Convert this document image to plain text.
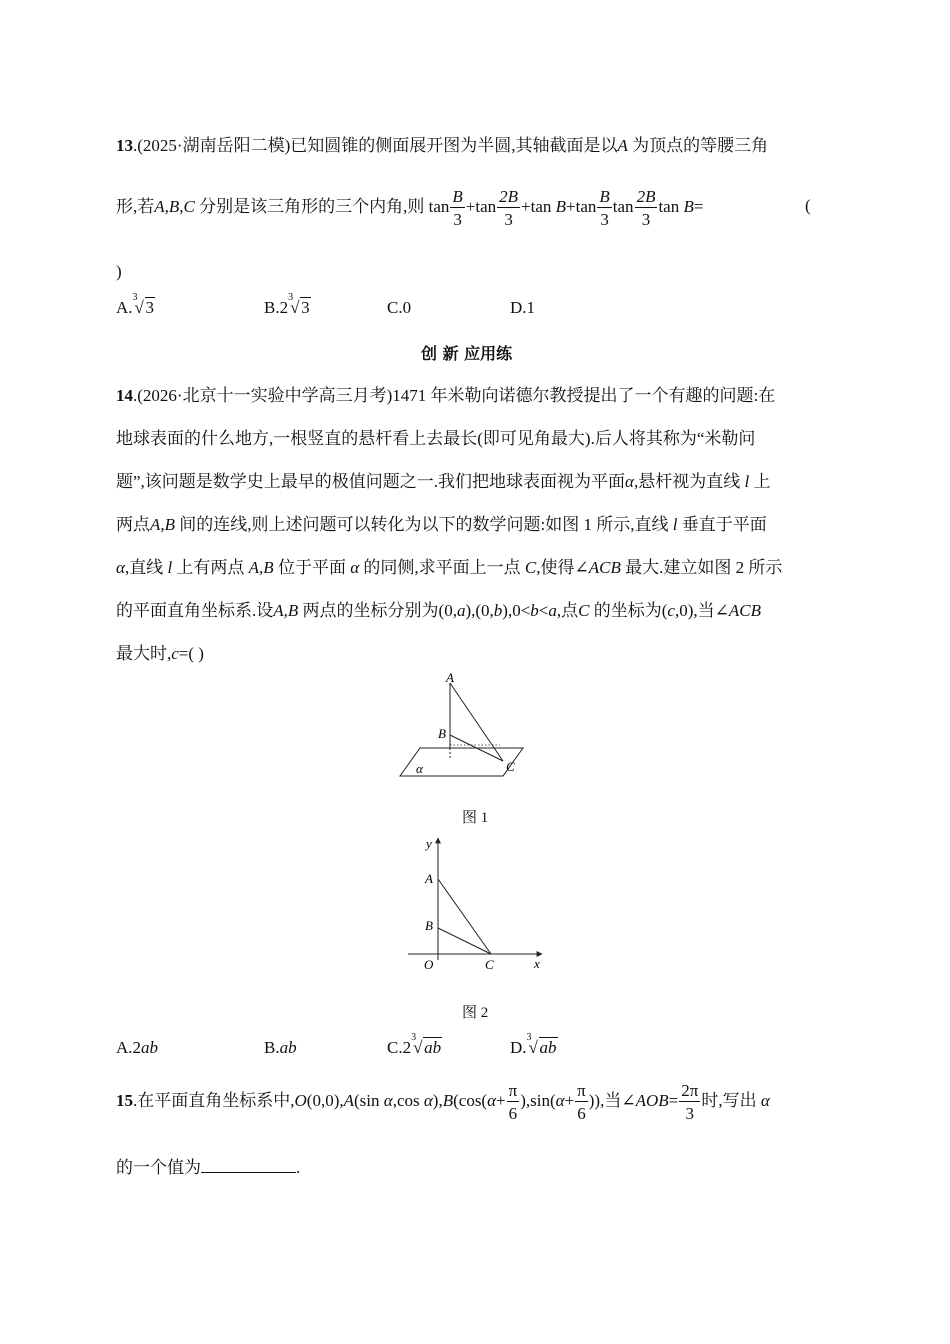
13.(2025·湖南岳阳二模)已知圆锥的侧面展开图为半圆,其轴截面是以A 为顶点的等腰三角
形,若A,B,C 分别是该三角形的三个内角,则 $\tan \frac{B}{3} +\tan \frac{2B}{3} +\tan$ $B+\tan \frac{B}{3}$ $\tan \frac{2B}{3}$ tan B=	(
)
A.
3
√ 3	B.2
3
√ 3	C.0	D.1
创 新 应用练
14.(2026·北京十一实验中学高三月考)1471 年米勒向诺德尔教授提出了一个有趣的问题:在
地球表面的什么地方,一根竖直的悬杆看上去最长(即可见角最大).后人将其称为“米勒问
题”,该问题是数学史上最早的极值问题之一.我们把地球表面视为平面α,悬杆视为直线 l 上
两点A,B 间的连线,则上述问题可以转化为以下的数学问题:如图 1 所示,直线 l 垂直于平面
α,直线 l 上有两点 A,B 位于平面 α 的同侧,求平面上一点 C,使得∠ACB 最大.建立如图 2 所示
的平面直角坐标系.设A,B 两点的坐标分别为(0,a),(0,b),0<b<a,点C 的坐标为(c,0),当∠ACB
最大时,c=( )
A
B
C
α
图 1
y
A
B
O	C	x
图 2
A.2ab	B.ab	C.2
3
√ ab	D.
3
√ ab
15.在平面直角坐标系中,O(0,0),A(sin α,cos $\alpha),B(\cos(\alpha+ \frac{\pi}{6} ),\sin(\alpha+ \frac{\pi}{6}$ )),当∠AOB= $\frac{2\pi}{3}$ 时,写出 α
的一个值为	.
